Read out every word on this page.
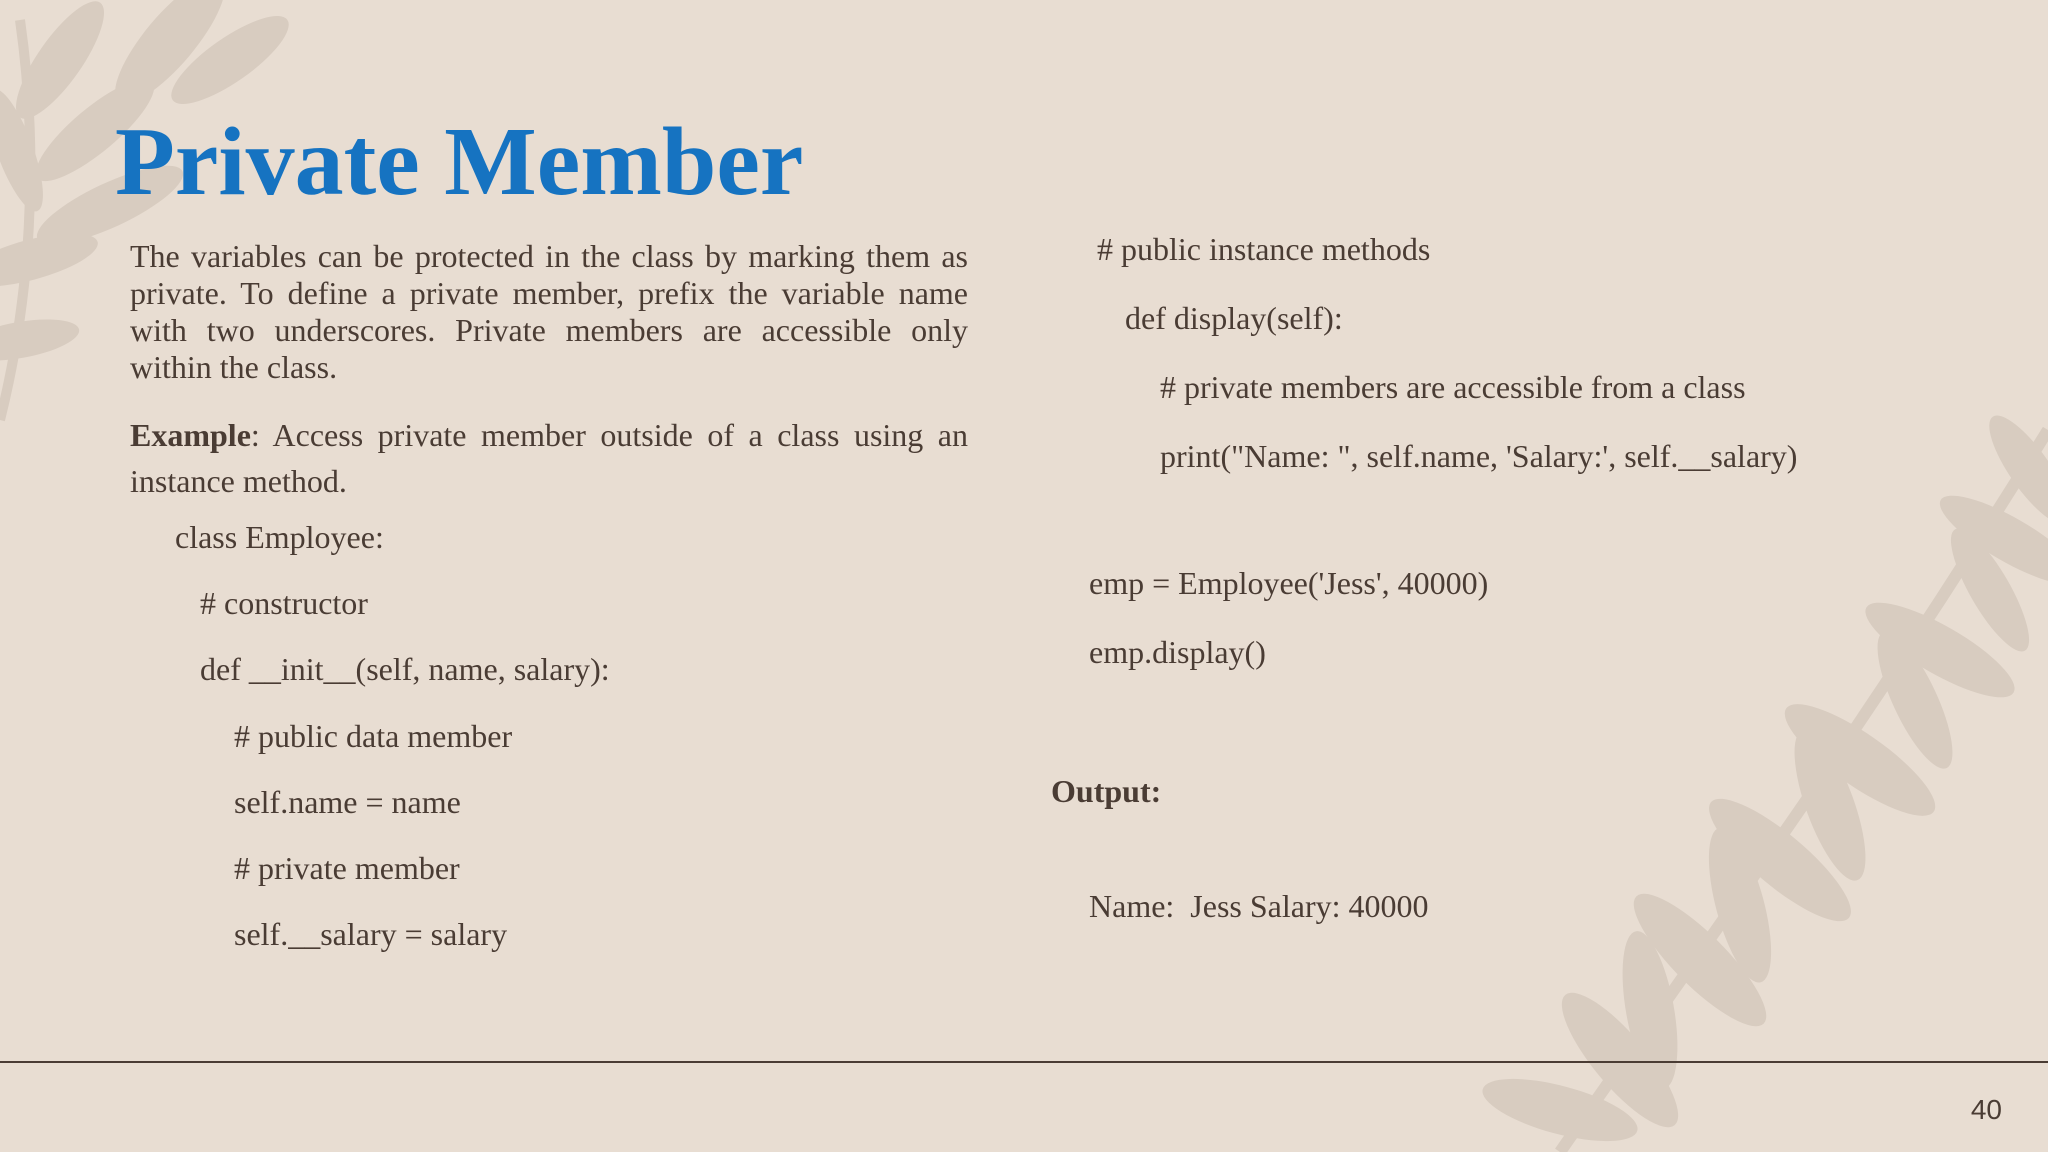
Private Member

The variables can be protected in the class by marking them as private. To define a private member, prefix the variable name with two underscores. Private members are accessible only within the class.

Example: Access private member outside of a class using an instance method.

class Employee:

# constructor

def __init__(self, name, salary):

# public data member

self.name = name

# private member

self.__salary = salary

# public instance methods

def display(self):

# private members are accessible from a class

print("Name: ", self.name, 'Salary:', self.__salary)

emp = Employee('Jess', 40000)

emp.display()

Output:

Name:  Jess Salary: 40000

40
